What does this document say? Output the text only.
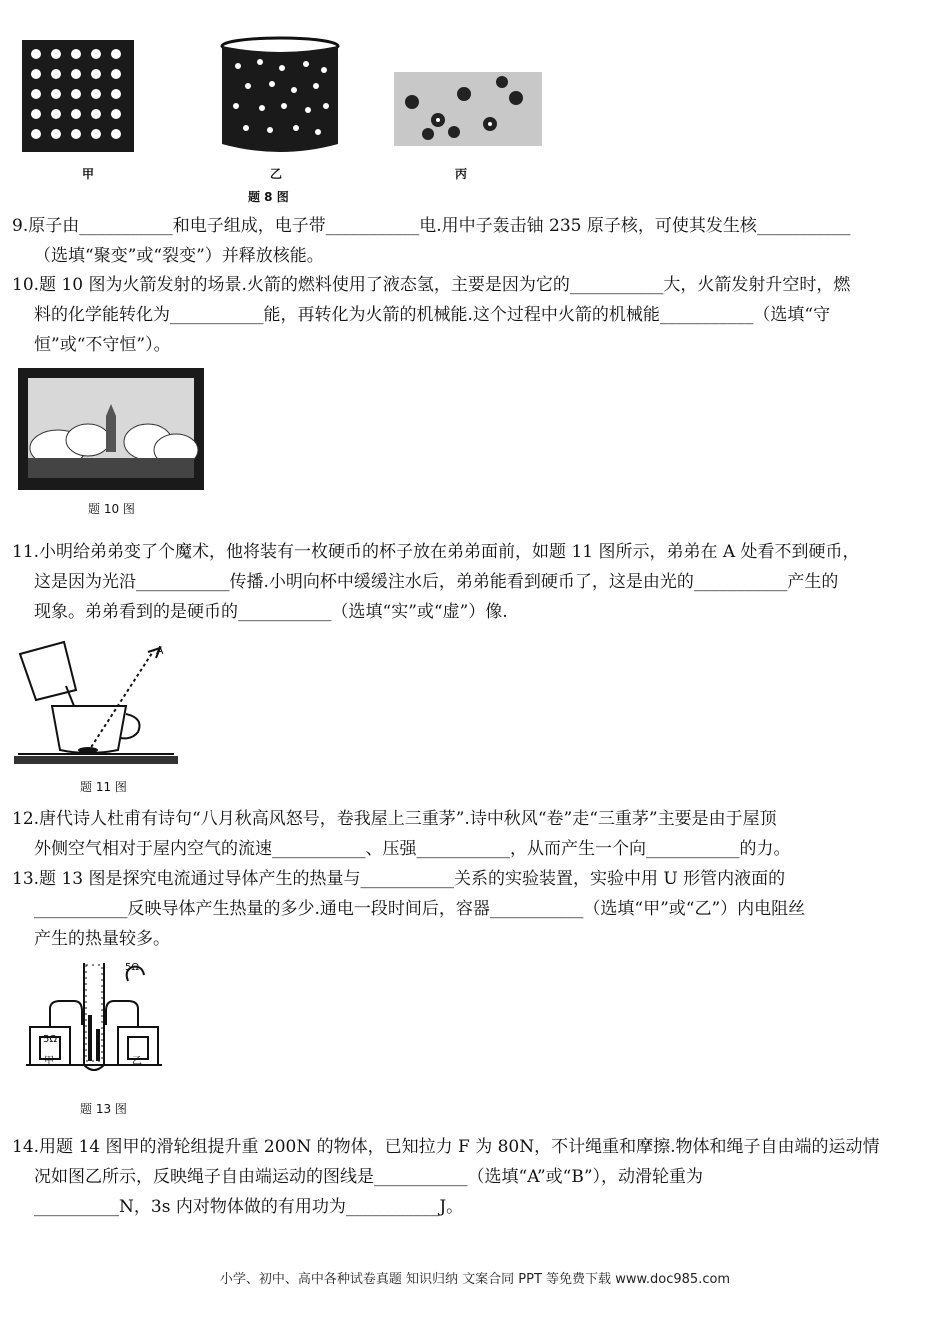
甲	乙	丙
题 8 图

9.原子由___________和电子组成，电子带___________电.用中子轰击铀 235 原子核，可使其发生核___________

（选填“聚变”或“裂变”）并释放核能。

10.题 10 图为火箭发射的场景.火箭的燃料使用了液态氢，主要是因为它的___________大，火箭发射升空时，燃

料的化学能转化为___________能，再转化为火箭的机械能.这个过程中火箭的机械能___________（选填“守

恒”或“不守恒”）。

题 10 图

11.小明给弟弟变了个魔术，他将装有一枚硬币的杯子放在弟弟面前，如题 11 图所示，弟弟在 A 处看不到硬币，

这是因为光沿___________传播.小明向杯中缓缓注水后，弟弟能看到硬币了，这是由光的___________产生的

现象。弟弟看到的是硬币的___________（选填“实”或“虚”）像.

A
题 11 图

12.唐代诗人杜甫有诗句“八月秋高风怒号，卷我屋上三重茅”.诗中秋风“卷”走“三重茅”主要是由于屋顶

外侧空气相对于屋内空气的流速___________、压强___________，从而产生一个向___________的力。

13.题 13 图是探究电流通过导体产生的热量与___________关系的实验装置，实验中用 U 形管内液面的

___________反映导体产生热量的多少.通电一段时间后，容器___________（选填“甲”或“乙”）内电阻丝

产生的热量较多。

5Ω
5Ω
甲	乙
题 13 图

14.用题 14 图甲的滑轮组提升重 200N 的物体，已知拉力 F 为 80N，不计绳重和摩擦.物体和绳子自由端的运动情

况如图乙所示，反映绳子自由端运动的图线是___________（选填“A”或“B”），动滑轮重为

__________N，3s 内对物体做的有用功为___________J。

小学、初中、高中各种试卷真题 知识归纳 文案合同 PPT 等免费下载 www.doc985.com
